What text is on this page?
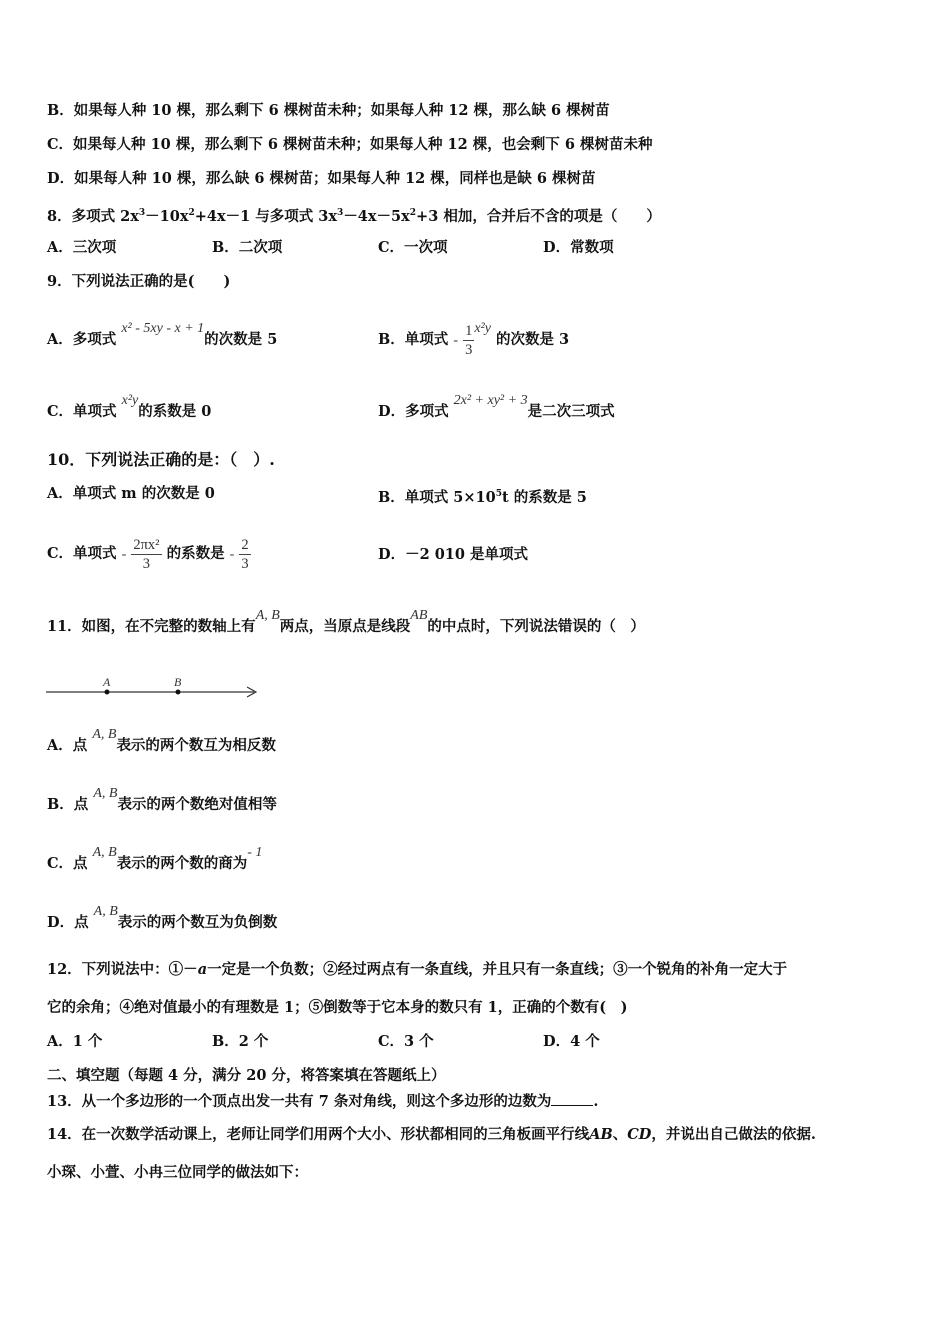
B．如果每人种 10 棵，那么剩下 6 棵树苗未种；如果每人种 12 棵，那么缺 6 棵树苗
C．如果每人种 10 棵，那么剩下 6 棵树苗未种；如果每人种 12 棵，也会剩下 6 棵树苗未种
D．如果每人种 10 棵，那么缺 6 棵树苗；如果每人种 12 棵，同样也是缺 6 棵树苗
8．多项式 $2x^3-10x^2+4x-1$ 与多项式 $3x^3-4x-5x^2+3$ 相加，合并后不含的项是（　　）
A．三次项	B．二次项	C．一次项	D．常数项
9．下列说法正确的是(　　)
A．多项式 x² - 5xy - x + 1的次数是 5	B．单项式 - $\frac{1}{3} x^2y$ 的次数是 3
C．单项式 x²y的系数是 0	D．多项式 2x² + xy² + 3是二次三项式
10．下列说法正确的是：（　）.
A．单项式 m 的次数是 0	B．单项式 $5\times 10^5t$ 的系数是 5
C．单项式 - $\frac{\text{2πx²}}{3}$ 的系数是 - $\frac{2}{3}$	D．－2 010 是单项式
11．如图，在不完整的数轴上有A, B两点，当原点是线段AB的中点时，下列说法错误的（　）
A	B
A．点 A, B表示的两个数互为相反数
B．点 A, B表示的两个数绝对值相等
C．点 A, B表示的两个数的商为- 1
D．点 A, B表示的两个数互为负倒数
12．下列说法中：①－a一定是一个负数；②经过两点有一条直线，并且只有一条直线；③一个锐角的补角一定大于
它的余角；④绝对值最小的有理数是 1；⑤倒数等于它本身的数只有 1，正确的个数有(　)
A．1 个	B．2 个	C．3 个	D．4 个
二、填空题（每题 4 分，满分 20 分，将答案填在答题纸上）
13．从一个多边形的一个顶点出发一共有 7 条对角线，则这个多边形的边数为	.
14．在一次数学活动课上，老师让同学们用两个大小、形状都相同的三角板画平行线AB、CD，并说出自己做法的依据.
小琛、小萱、小冉三位同学的做法如下：
